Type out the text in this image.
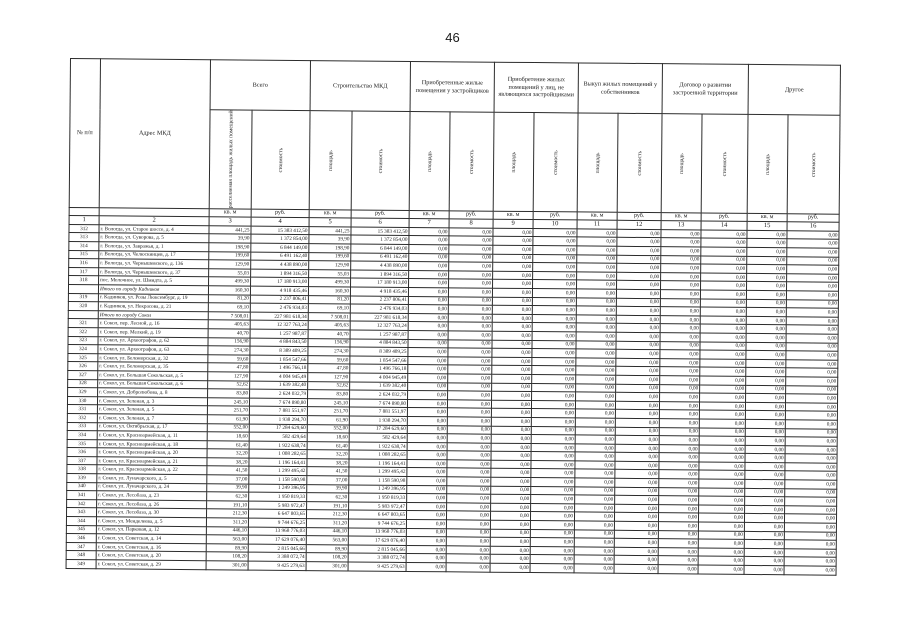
46
№ п/п	Адрес МКД	Всего		Строительство МКД		Приобретенные жилые помещения у застройщиков		Приобретение жилых помещений у лиц, не являющихся застройщиками		Выкуп жилых помещений у собственников		Договор о развитии застроенной территории		Другое	

		расселяемая площадь жилых помещений	стоимость	площадь	стоимость	площадь	стоимость	площадь	стоимость	площадь	стоимость	площадь	стоимость	площадь	стоимость

		кв. м	руб.	кв. м	руб.	кв. м	руб.	кв. м	руб.	кв. м	руб.	кв. м	руб.	кв. м	руб.
1	2	3	4	5	6	7	8	9	10	11	12	13	14	15	16
312	г. Вологда, ул. Старое шоссе, д. 4	441,25	15 383 412,50	441,25	15 383 412,50	0,00	0,00	0,00	0,00	0,00	0,00	0,00	0,00	0,00	0,00
313	г. Вологда, ул. Суворова, д. 5	39,90	1 372 854,00	39,90	1 372 854,00	0,00	0,00	0,00	0,00	0,00	0,00	0,00	0,00	0,00	0,00
314	г. Вологда, ул. Завражья, д. 1	198,90	6 844 149,00	198,90	6 844 149,00	0,00	0,00	0,00	0,00	0,00	0,00	0,00	0,00	0,00	0,00
315	г. Вологда, ул. Челюскинцев, д. 17	199,60	6 491 162,40	199,60	6 491 162,40	0,00	0,00	0,00	0,00	0,00	0,00	0,00	0,00	0,00	0,00
316	г. Вологда, ул. Чернышевского, д. 136	129,90	4 438 890,00	129,90	4 438 890,00	0,00	0,00	0,00	0,00	0,00	0,00	0,00	0,00	0,00	0,00
317	г. Вологда, ул. Чернышевского, д. 37	55,03	1 894 316,50	55,03	1 894 316,50	0,00	0,00	0,00	0,00	0,00	0,00	0,00	0,00	0,00	0,00
318	пос. Молочное, ул. Шмидта, д. 5	499,30	17 180 913,00	499,30	17 180 913,00	0,00	0,00	0,00	0,00	0,00	0,00	0,00	0,00	0,00	0,00
	Итого по городу Кадников	160,30	4 918 435,46	160,30	4 918 435,46	0,00	0,00	0,00	0,00	0,00	0,00	0,00	0,00	0,00	0,00
319	г. Кадников, ул. Розы Люксембург, д. 19	81,20	2 237 806,41	81,20	2 237 806,41	0,00	0,00	0,00	0,00	0,00	0,00	0,00	0,00	0,00	0,00
320	г. Кадников, ул. Некрасова, д. 21	69,10	2 476 934,03	69,10	2 476 934,03	0,00	0,00	0,00	0,00	0,00	0,00	0,00	0,00	0,00	0,00
	Итого по городу Сокол	7 508,01	227 981 618,34	7 508,01	227 981 618,34	0,00	0,00	0,00	0,00	0,00	0,00	0,00	0,00	0,00	0,00
321	г. Сокол, пер. Лесной, д. 16	405,63	12 327 763,24	405,63	12 327 763,24	0,00	0,00	0,00	0,00	0,00	0,00	0,00	0,00	0,00	0,00
322	г. Сокол, пер. Мелкий, д. 19	40,70	1 257 987,87	40,70	1 257 987,87	0,00	0,00	0,00	0,00	0,00	0,00	0,00	0,00	0,00	0,00
323	г. Сокол, ул. Археографов, д. 62	156,90	4 884 843,50	156,90	4 884 843,50	0,00	0,00	0,00	0,00	0,00	0,00	0,00	0,00	0,00	0,00
324	г. Сокол, ул. Археографов, д. 63	274,30	8 389 409,25	274,30	8 389 409,25	0,00	0,00	0,00	0,00	0,00	0,00	0,00	0,00	0,00	0,00
325	г. Сокол, ул. Беломорская, д. 32	59,60	1 854 547,66	59,60	1 854 547,66	0,00	0,00	0,00	0,00	0,00	0,00	0,00	0,00	0,00	0,00
326	г. Сокол, ул. Беломорская, д. 35	47,80	1 496 766,18	47,80	1 496 766,18	0,00	0,00	0,00	0,00	0,00	0,00	0,00	0,00	0,00	0,00
327	г. Сокол, ул. Большая Сокольская, д. 5	127,90	4 004 945,49	127,90	4 004 945,49	0,00	0,00	0,00	0,00	0,00	0,00	0,00	0,00	0,00	0,00
328	г. Сокол, ул. Большая Сокольская, д. 6	52,62	1 639 382,40	52,62	1 639 382,40	0,00	0,00	0,00	0,00	0,00	0,00	0,00	0,00	0,00	0,00
329	г. Сокол, ул. Добролюбова, д. 8	83,80	2 624 032,79	83,80	2 624 032,79	0,00	0,00	0,00	0,00	0,00	0,00	0,00	0,00	0,00	0,00
330	г. Сокол, ул. Зеленая, д. 3	245,10	7 674 890,80	245,10	7 674 890,80	0,00	0,00	0,00	0,00	0,00	0,00	0,00	0,00	0,00	0,00
331	г. Сокол, ул. Зеленая, д. 5	251,70	7 881 551,97	251,70	7 881 551,97	0,00	0,00	0,00	0,00	0,00	0,00	0,00	0,00	0,00	0,00
332	г. Сокол, ул. Зеленая, д. 7	61,90	1 938 294,70	61,90	1 938 294,70	0,00	0,00	0,00	0,00	0,00	0,00	0,00	0,00	0,00	0,00
333	г. Сокол, ул. Октябрьская, д. 17	552,00	17 284 629,60	552,00	17 284 629,60	0,00	0,00	0,00	0,00	0,00	0,00	0,00	0,00	0,00	0,00
334	г. Сокол, ул. Красноармейская, д. 11	18,60	582 429,64	18,60	582 429,64	0,00	0,00	0,00	0,00	0,00	0,00	0,00	0,00	0,00	0,00
335	г. Сокол, ул. Красноармейская, д. 18	61,40	1 922 638,74	61,40	1 922 638,74	0,00	0,00	0,00	0,00	0,00	0,00	0,00	0,00	0,00	0,00
336	г. Сокол, ул. Красноармейская, д. 20	32,20	1 008 282,65	32,20	1 008 282,65	0,00	0,00	0,00	0,00	0,00	0,00	0,00	0,00	0,00	0,00
337	г. Сокол, ул. Красноармейская, д. 21	38,20	1 196 164,41	38,20	1 196 164,41	0,00	0,00	0,00	0,00	0,00	0,00	0,00	0,00	0,00	0,00
338	г. Сокол, ул. Красноармейская, д. 22	41,50	1 299 495,42	41,50	1 299 495,42	0,00	0,00	0,00	0,00	0,00	0,00	0,00	0,00	0,00	0,00
339	г. Сокол, ул. Луначарского, д. 5	37,00	1 158 590,98	37,00	1 158 590,98	0,00	0,00	0,00	0,00	0,00	0,00	0,00	0,00	0,00	0,00
340	г. Сокол, ул. Луначарского, д. 24	39,90	1 249 396,95	39,90	1 249 396,95	0,00	0,00	0,00	0,00	0,00	0,00	0,00	0,00	0,00	0,00
341	г. Сокол, ул. Лесобаза, д. 23	62,30	1 950 819,33	62,30	1 950 819,33	0,00	0,00	0,00	0,00	0,00	0,00	0,00	0,00	0,00	0,00
342	г. Сокол, ул. Лесобаза, д. 26	191,10	5 983 972,47	191,10	5 983 972,47	0,00	0,00	0,00	0,00	0,00	0,00	0,00	0,00	0,00	0,00
343	г. Сокол, ул. Лесобаза, д. 30	212,30	6 647 803,65	212,30	6 647 803,65	0,00	0,00	0,00	0,00	0,00	0,00	0,00	0,00	0,00	0,00
344	г. Сокол, ул. Менделеева, д. 5	311,20	9 744 676,25	311,20	9 744 676,25	0,00	0,00	0,00	0,00	0,00	0,00	0,00	0,00	0,00	0,00
345	г. Сокол, ул. Парковая, д. 12	446,10	13 968 776,03	446,10	13 968 776,03	0,00	0,00	0,00	0,00	0,00	0,00	0,00	0,00	0,00	0,00
346	г. Сокол, ул. Советская, д. 14	563,00	17 629 076,40	563,00	17 629 076,40	0,00	0,00	0,00	0,00	0,00	0,00	0,00	0,00	0,00	0,00
347	г. Сокол, ул. Советская, д. 16	89,90	2 815 045,66	89,90	2 815 045,66	0,00	0,00	0,00	0,00	0,00	0,00	0,00	0,00	0,00	0,00
348	г. Сокол, ул. Советская, д. 20	108,20	3 388 072,74	108,20	3 388 072,74	0,00	0,00	0,00	0,00	0,00	0,00	0,00	0,00	0,00	0,00
349	г. Сокол, ул. Советская, д. 29	301,00	9 425 279,63	301,00	9 425 279,63	0,00	0,00	0,00	0,00	0,00	0,00	0,00	0,00	0,00	0,00
